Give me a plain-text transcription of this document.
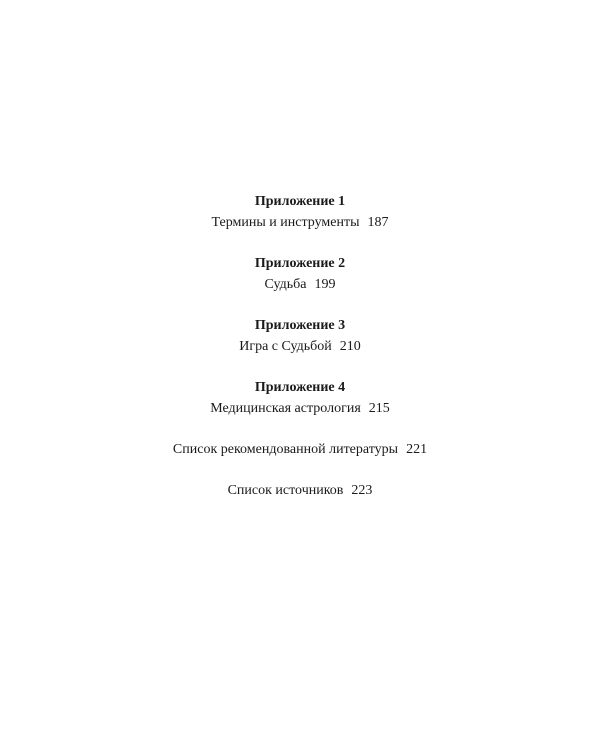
Приложение 1
Термины и инструменты 187
Приложение 2
Судьба 199
Приложение 3
Игра с Судьбой 210
Приложение 4
Медицинская астрология 215
Список рекомендованной литературы 221
Список источников 223
